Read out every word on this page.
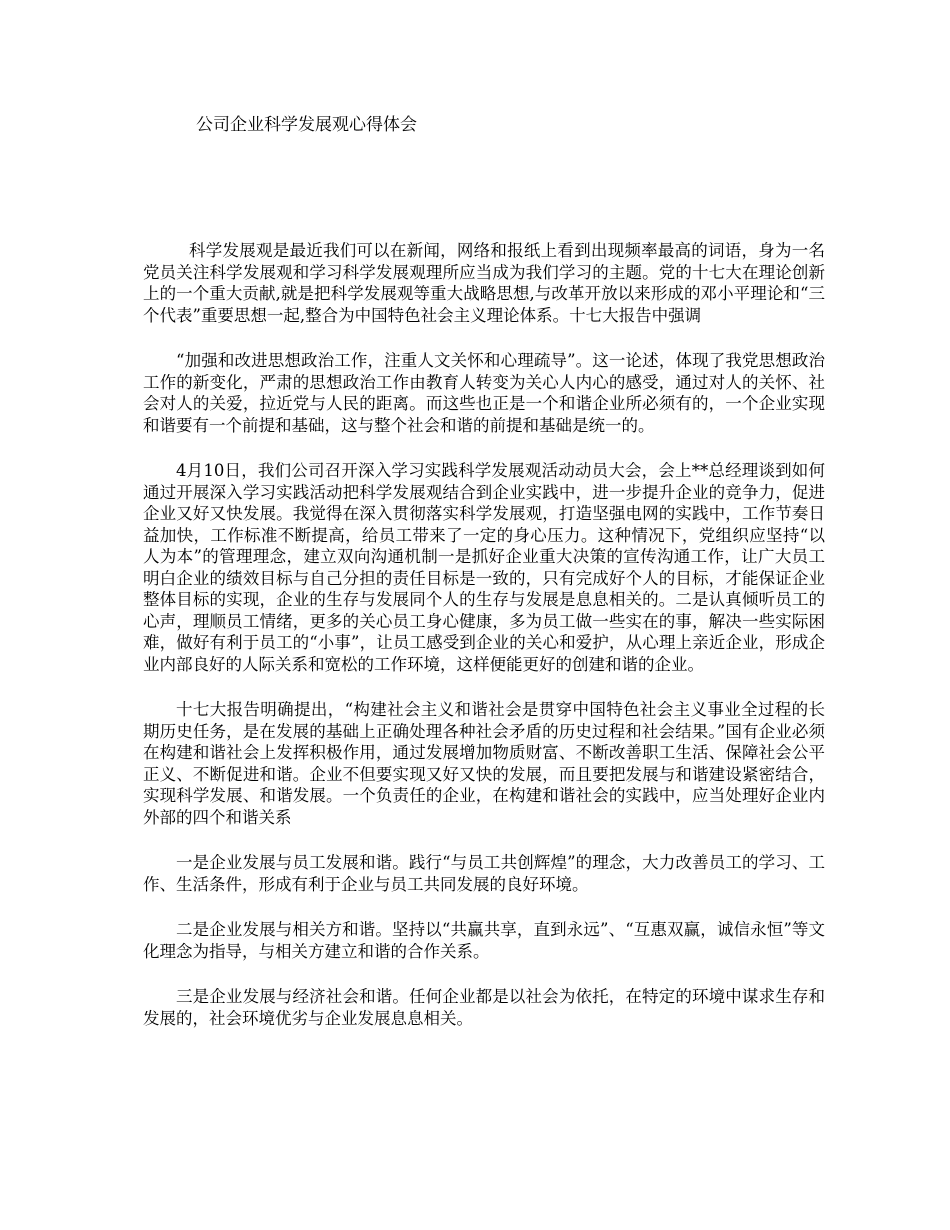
公司企业科学发展观心得体会

科学发展观是最近我们可以在新闻，网络和报纸上看到出现频率最高的词语，身为一名党员关注科学发展观和学习科学发展观理所应当成为我们学习的主题。党的十七大在理论创新上的一个重大贡献,就是把科学发展观等重大战略思想,与改革开放以来形成的邓小平理论和“三个代表”重要思想一起,整合为中国特色社会主义理论体系。十七大报告中强调

“加强和改进思想政治工作，注重人文关怀和心理疏导”。这一论述，体现了我党思想政治工作的新变化，严肃的思想政治工作由教育人转变为关心人内心的感受，通过对人的关怀、社会对人的关爱，拉近党与人民的距离。而这些也正是一个和谐企业所必须有的，一个企业实现和谐要有一个前提和基础，这与整个社会和谐的前提和基础是统一的。

4月10日，我们公司召开深入学习实践科学发展观活动动员大会，会上**总经理谈到如何通过开展深入学习实践活动把科学发展观结合到企业实践中，进一步提升企业的竞争力，促进企业又好又快发展。我觉得在深入贯彻落实科学发展观，打造坚强电网的实践中，工作节奏日益加快，工作标准不断提高，给员工带来了一定的身心压力。这种情况下，党组织应坚持“以人为本”的管理理念，建立双向沟通机制一是抓好企业重大决策的宣传沟通工作，让广大员工明白企业的绩效目标与自己分担的责任目标是一致的，只有完成好个人的目标，才能保证企业整体目标的实现，企业的生存与发展同个人的生存与发展是息息相关的。二是认真倾听员工的心声，理顺员工情绪，更多的关心员工身心健康，多为员工做一些实在的事，解决一些实际困难，做好有利于员工的“小事”，让员工感受到企业的关心和爱护，从心理上亲近企业，形成企业内部良好的人际关系和宽松的工作环境，这样便能更好的创建和谐的企业。

十七大报告明确提出，“构建社会主义和谐社会是贯穿中国特色社会主义事业全过程的长期历史任务，是在发展的基础上正确处理各种社会矛盾的历史过程和社会结果。”国有企业必须在构建和谐社会上发挥积极作用，通过发展增加物质财富、不断改善职工生活、保障社会公平正义、不断促进和谐。企业不但要实现又好又快的发展，而且要把发展与和谐建设紧密结合，实现科学发展、和谐发展。一个负责任的企业，在构建和谐社会的实践中，应当处理好企业内外部的四个和谐关系

一是企业发展与员工发展和谐。践行“与员工共创辉煌”的理念，大力改善员工的学习、工作、生活条件，形成有利于企业与员工共同发展的良好环境。

二是企业发展与相关方和谐。坚持以“共赢共享，直到永远”、“互惠双赢，诚信永恒”等文化理念为指导，与相关方建立和谐的合作关系。

三是企业发展与经济社会和谐。任何企业都是以社会为依托，在特定的环境中谋求生存和发展的，社会环境优劣与企业发展息息相关。
